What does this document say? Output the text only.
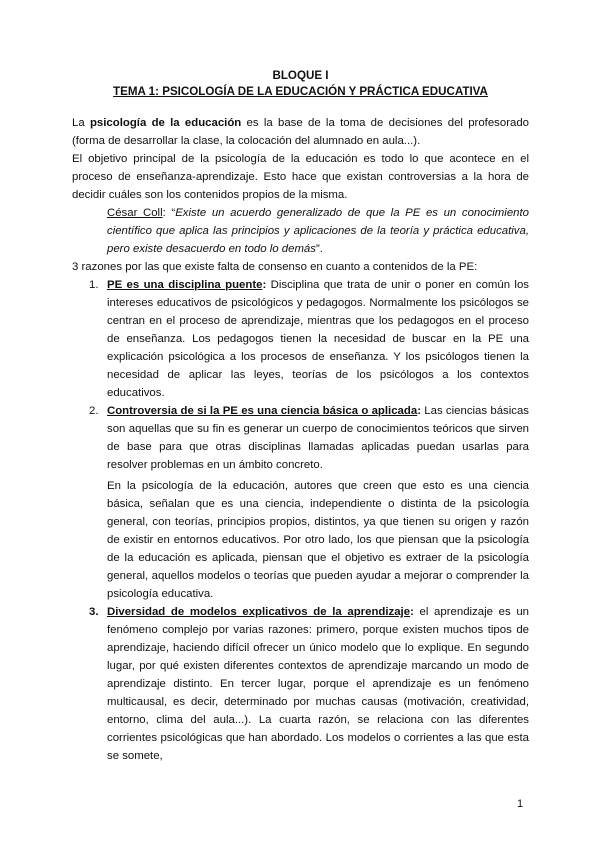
BLOQUE I
TEMA 1: PSICOLOGÍA DE LA EDUCACIÓN Y PRÁCTICA EDUCATIVA

La psicología de la educación es la base de la toma de decisiones del profesorado (forma de desarrollar la clase, la colocación del alumnado en aula...).

El objetivo principal de la psicología de la educación es todo lo que acontece en el proceso de enseñanza-aprendizaje. Esto hace que existan controversias a la hora de decidir cuáles son los contenidos propios de la misma.

César Coll: “Existe un acuerdo generalizado de que la PE es un conocimiento científico que aplica las principios y aplicaciones de la teoría y práctica educativa, pero existe desacuerdo en todo lo demás”.

3 razones por las que existe falta de consenso en cuanto a contenidos de la PE:

1. PE es una disciplina puente: Disciplina que trata de unir o poner en común los intereses educativos de psicológicos y pedagogos. Normalmente los psicólogos se centran en el proceso de aprendizaje, mientras que los pedagogos en el proceso de enseñanza. Los pedagogos tienen la necesidad de buscar en la PE una explicación psicológica a los procesos de enseñanza. Y los psicólogos tienen la necesidad de aplicar las leyes, teorías de los psicólogos a los contextos educativos.

2. Controversia de si la PE es una ciencia básica o aplicada: Las ciencias básicas son aquellas que su fin es generar un cuerpo de conocimientos teóricos que sirven de base para que otras disciplinas llamadas aplicadas puedan usarlas para resolver problemas en un ámbito concreto.

En la psicología de la educación, autores que creen que esto es una ciencia básica, señalan que es una ciencia, independiente o distinta de la psicología general, con teorías, principios propios, distintos, ya que tienen su origen y razón de existir en entornos educativos. Por otro lado, los que piensan que la psicología de la educación es aplicada, piensan que el objetivo es extraer de la psicología general, aquellos modelos o teorías que pueden ayudar a mejorar o comprender la psicología educativa.

3. Diversidad de modelos explicativos de la aprendizaje: el aprendizaje es un fenómeno complejo por varias razones: primero, porque existen muchos tipos de aprendizaje, haciendo difícil ofrecer un único modelo que lo explique. En segundo lugar, por qué existen diferentes contextos de aprendizaje marcando un modo de aprendizaje distinto. En tercer lugar, porque el aprendizaje es un fenómeno multicausal, es decir, determinado por muchas causas (motivación, creatividad, entorno, clima del aula...). La cuarta razón, se relaciona con las diferentes corrientes psicológicas que han abordado. Los modelos o corrientes a las que esta se somete,

1
